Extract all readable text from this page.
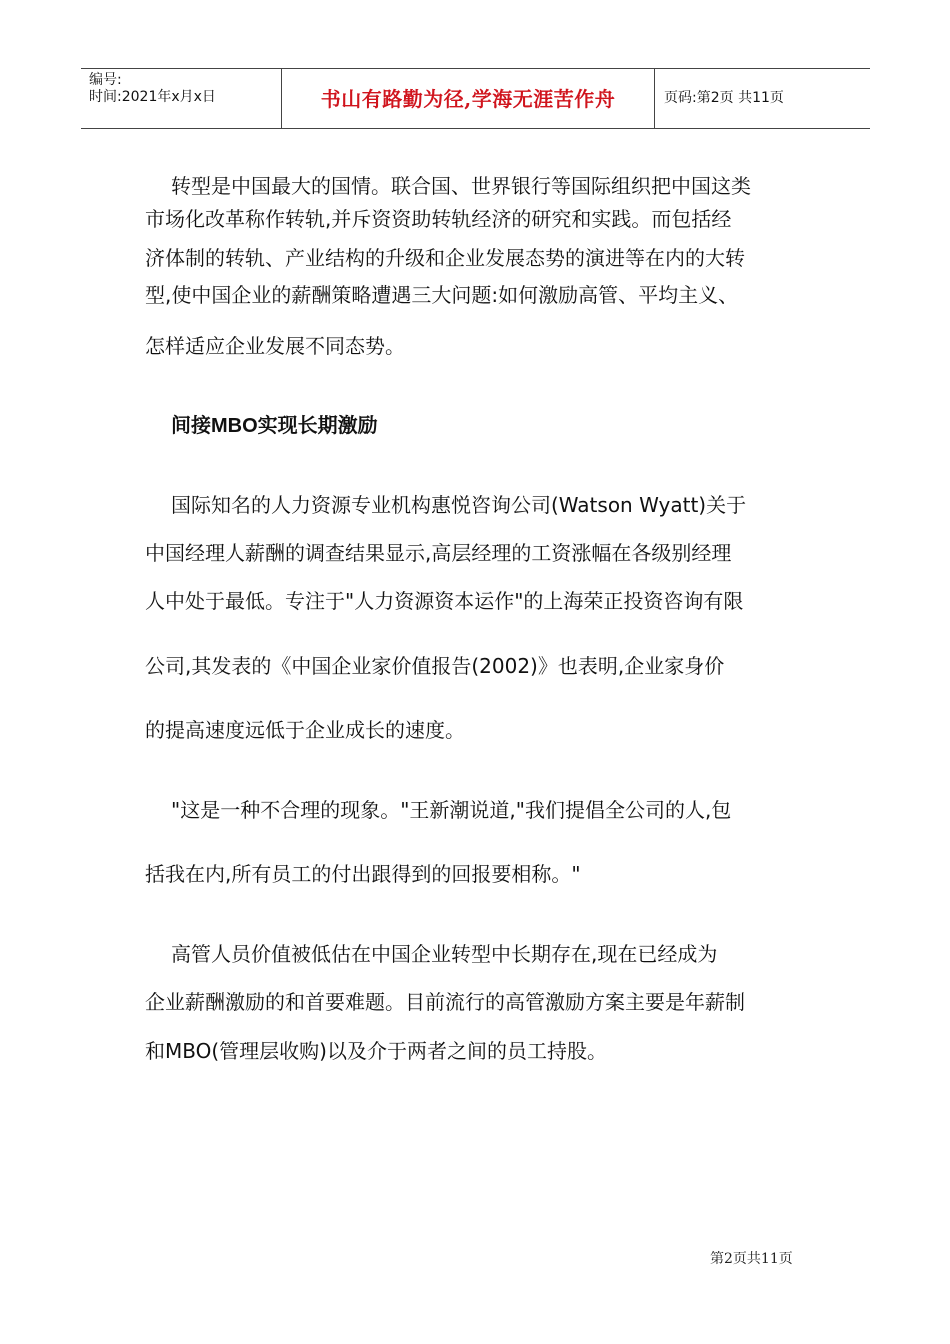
编号:
时间:2021年x月x日	书山有路勤为径,学海无涯苦作舟	页码:第2页 共11页
转型是中国最大的国情。联合国、世界银行等国际组织把中国这类
市场化改革称作转轨,并斥资资助转轨经济的研究和实践。而包括经
济体制的转轨、产业结构的升级和企业发展态势的演进等在内的大转
型,使中国企业的薪酬策略遭遇三大问题:如何激励高管、平均主义、
怎样适应企业发展不同态势。
间接MBO实现长期激励
国际知名的人力资源专业机构惠悦咨询公司(Watson Wyatt)关于
中国经理人薪酬的调查结果显示,高层经理的工资涨幅在各级别经理
人中处于最低。专注于"人力资源资本运作"的上海荣正投资咨询有限
公司,其发表的《中国企业家价值报告(2002)》也表明,企业家身价
的提高速度远低于企业成长的速度。
"这是一种不合理的现象。"王新潮说道,"我们提倡全公司的人,包
括我在内,所有员工的付出跟得到的回报要相称。"
高管人员价值被低估在中国企业转型中长期存在,现在已经成为
企业薪酬激励的和首要难题。目前流行的高管激励方案主要是年薪制
和MBO(管理层收购)以及介于两者之间的员工持股。
第2页共11页
